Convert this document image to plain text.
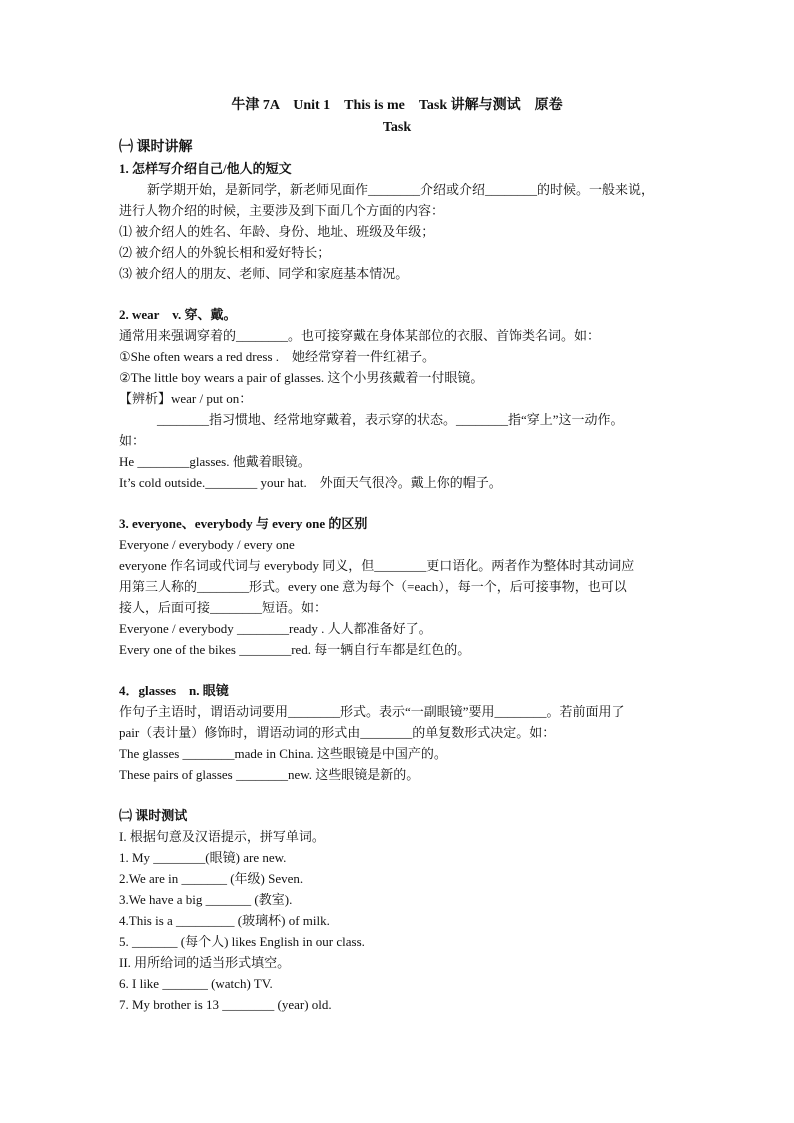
牛津 7A　Unit 1　This is me　Task 讲解与测试　原卷
Task
㈠ 课时讲解
1. 怎样写介绍自己/他人的短文
新学期开始，是新同学，新老师见面作________介绍或介绍________的时候。一般来说，
进行人物介绍的时候，主要涉及到下面几个方面的内容：
⑴ 被介绍人的姓名、年龄、身份、地址、班级及年级；
⑵ 被介绍人的外貌长相和爱好特长；
⑶ 被介绍人的朋友、老师、同学和家庭基本情况。
2. wear　v. 穿、戴。
通常用来强调穿着的________。也可接穿戴在身体某部位的衣服、首饰类名词。如：
①She often wears a red dress .　她经常穿着一件红裙子。
②The little boy wears a pair of glasses. 这个小男孩戴着一付眼镜。
【辨析】wear / put on：
________指习惯地、经常地穿戴着，表示穿的状态。________指“穿上”这一动作。
如：
He ________glasses. 他戴着眼镜。
It’s cold outside.________ your hat.　外面天气很冷。戴上你的帽子。
3. everyone、everybody 与 every one 的区别
Everyone / everybody / every one
everyone 作名词或代词与 everybody 同义，但________更口语化。两者作为整体时其动词应
用第三人称的________形式。every one 意为每个（=each），每一个，后可接事物，也可以
接人，后面可接________短语。如：
Everyone / everybody ________ready . 人人都准备好了。
Every one of the bikes ________red. 每一辆自行车都是红色的。
4．glasses　n. 眼镜
作句子主语时，谓语动词要用________形式。表示“一副眼镜”要用________。若前面用了
pair（表计量）修饰时，谓语动词的形式由________的单复数形式决定。如：
The glasses ________made in China. 这些眼镜是中国产的。
These pairs of glasses ________new. 这些眼镜是新的。
㈡ 课时测试
I. 根据句意及汉语提示，拼写单词。
1. My ________(眼镜) are new.
2.We are in _______ (年级) Seven.
3.We have a big _______ (教室).
4.This is a _________ (玻璃杯) of milk.
5. _______ (每个人) likes English in our class.
II. 用所给词的适当形式填空。
6. I like _______ (watch) TV.
7. My brother is 13 ________ (year) old.
